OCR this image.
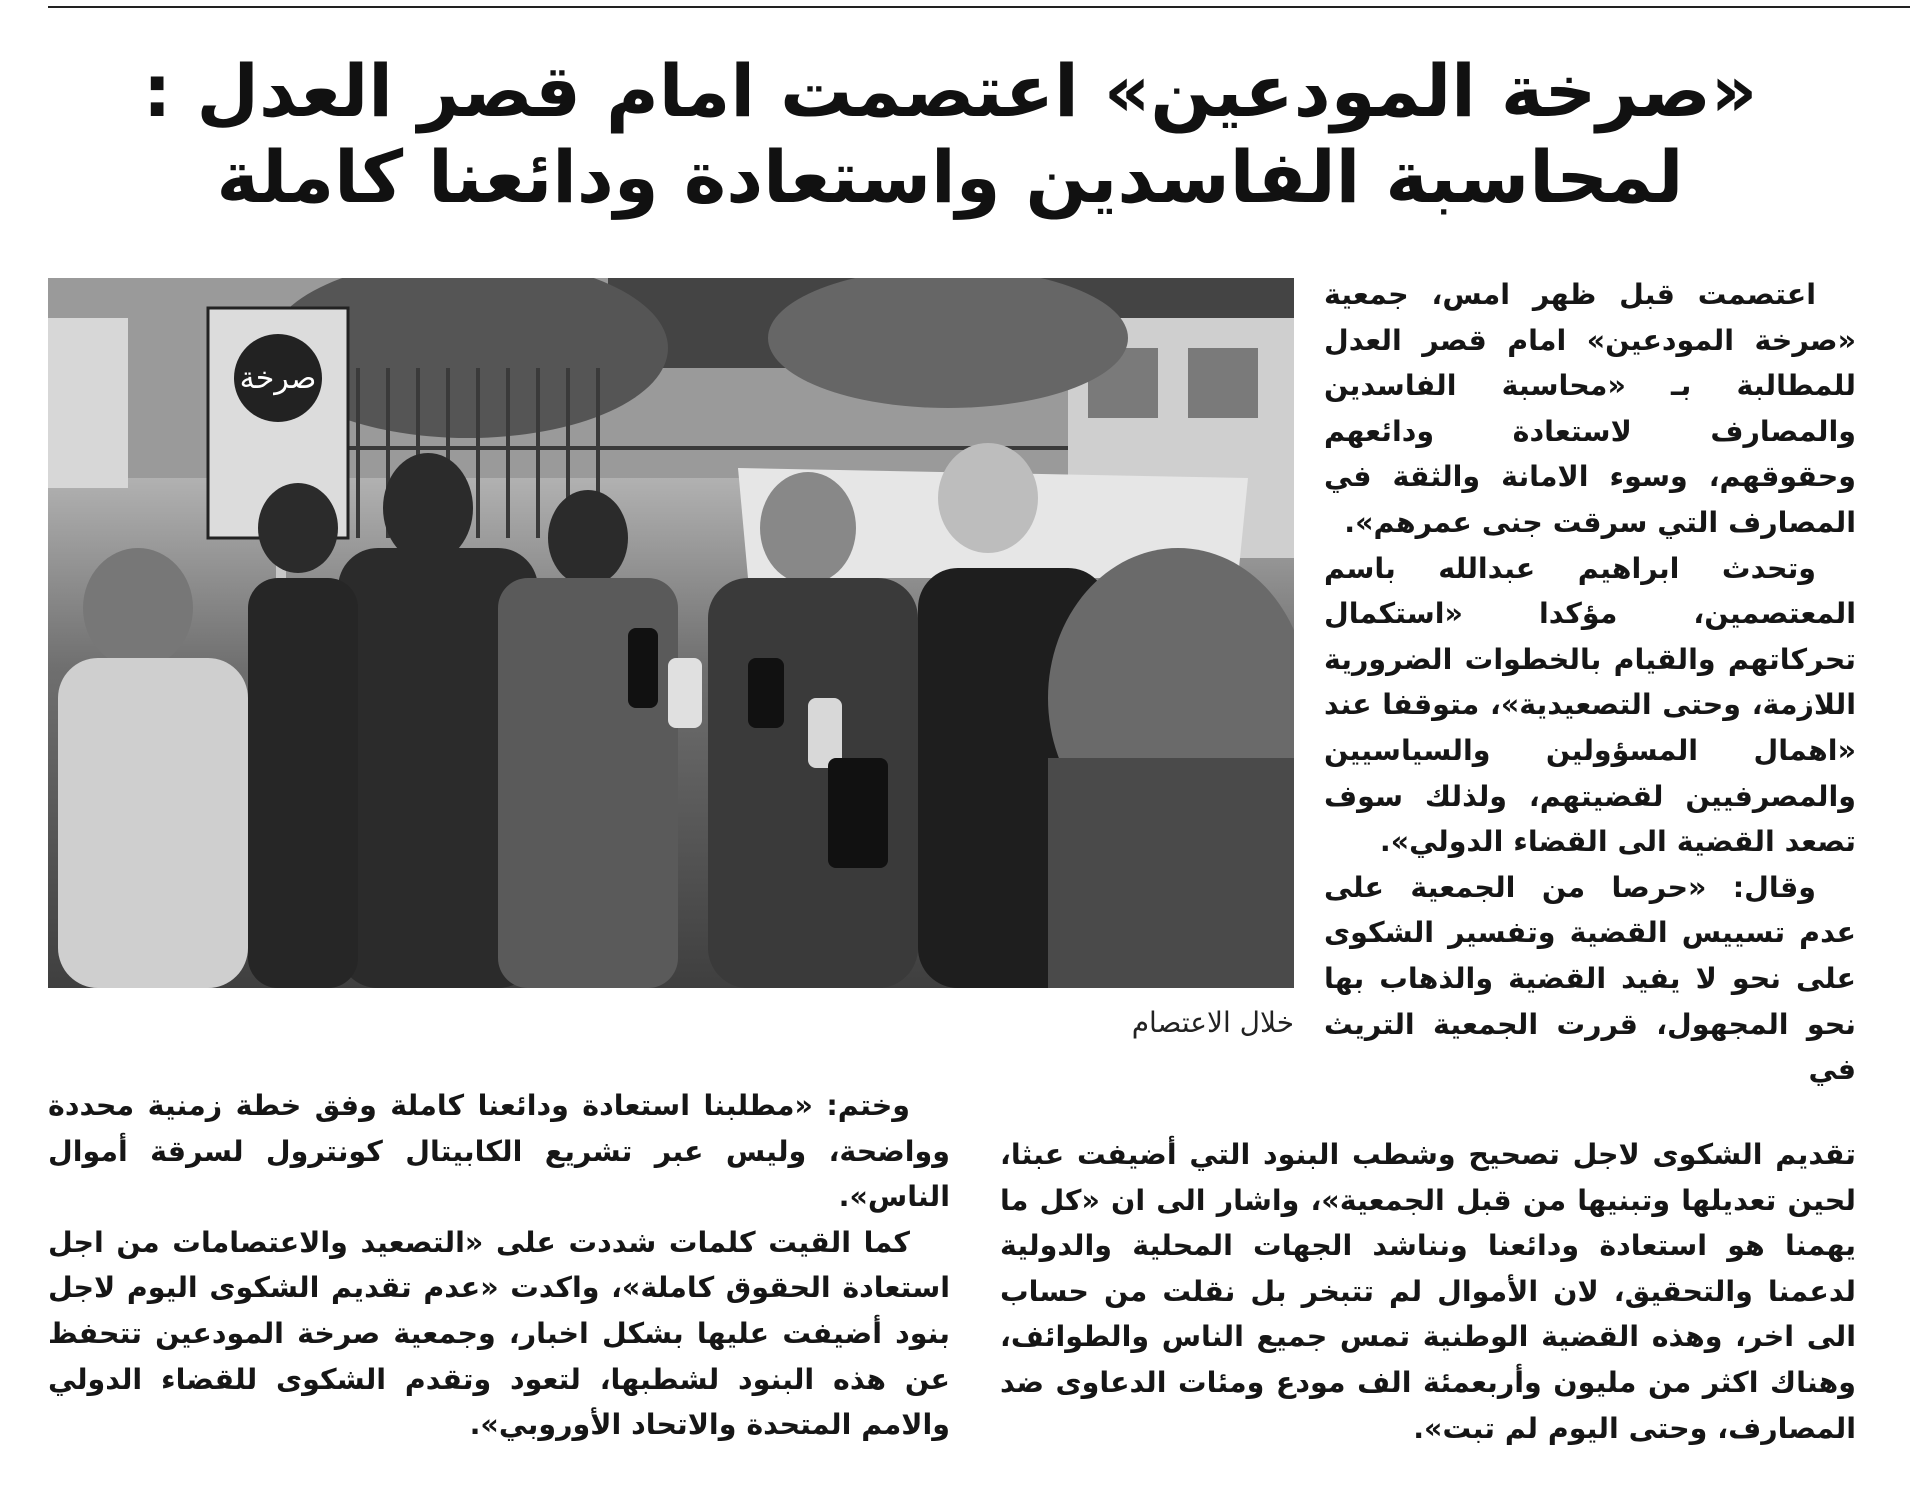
«صرخة المودعين» اعتصمت امام قصر العدل :
لمحاسبة الفاسدين واستعادة ودائعنا كاملة
صرخة
خلال الاعتصام

اعتصمت قبل ظهر امس، جمعية «صرخة المودعين» امام قصر العدل للمطالبة بـ «محاسبة الفاسدين والمصارف لاستعادة ودائعهم وحقوقهم، وسوء الامانة والثقة في المصارف التي سرقت جنى عمرهم».

وتحدث ابراهيم عبدالله باسم المعتصمين، مؤكدا «استكمال تحركاتهم والقيام بالخطوات الضرورية اللازمة، وحتى التصعيدية»، متوقفا عند «اهمال المسؤولين والسياسيين والمصرفيين لقضيتهم، ولذلك سوف تصعد القضية الى القضاء الدولي».

وقال: «حرصا من الجمعية على عدم تسييس القضية وتفسير الشكوى على نحو لا يفيد القضية والذهاب بها نحو المجهول، قررت الجمعية التريث في

تقديم الشكوى لاجل تصحيح وشطب البنود التي أضيفت عبثا، لحين تعديلها وتبنيها من قبل الجمعية»، واشار الى ان «كل ما يهمنا هو استعادة ودائعنا ونناشد الجهات المحلية والدولية لدعمنا والتحقيق، لان الأموال لم تتبخر بل نقلت من حساب الى اخر، وهذه القضية الوطنية تمس جميع الناس والطوائف، وهناك اكثر من مليون وأربعمئة الف مودع ومئات الدعاوى ضد المصارف، وحتى اليوم لم تبت».

وختم: «مطلبنا استعادة ودائعنا كاملة وفق خطة زمنية محددة وواضحة، وليس عبر تشريع الكابيتال كونترول لسرقة أموال الناس».

كما القيت كلمات شددت على «التصعيد والاعتصامات من اجل استعادة الحقوق كاملة»، واكدت «عدم تقديم الشكوى اليوم لاجل بنود أضيفت عليها بشكل اخبار، وجمعية صرخة المودعين تتحفظ عن هذه البنود لشطبها، لتعود وتقدم الشكوى للقضاء الدولي والامم المتحدة والاتحاد الأوروبي».
